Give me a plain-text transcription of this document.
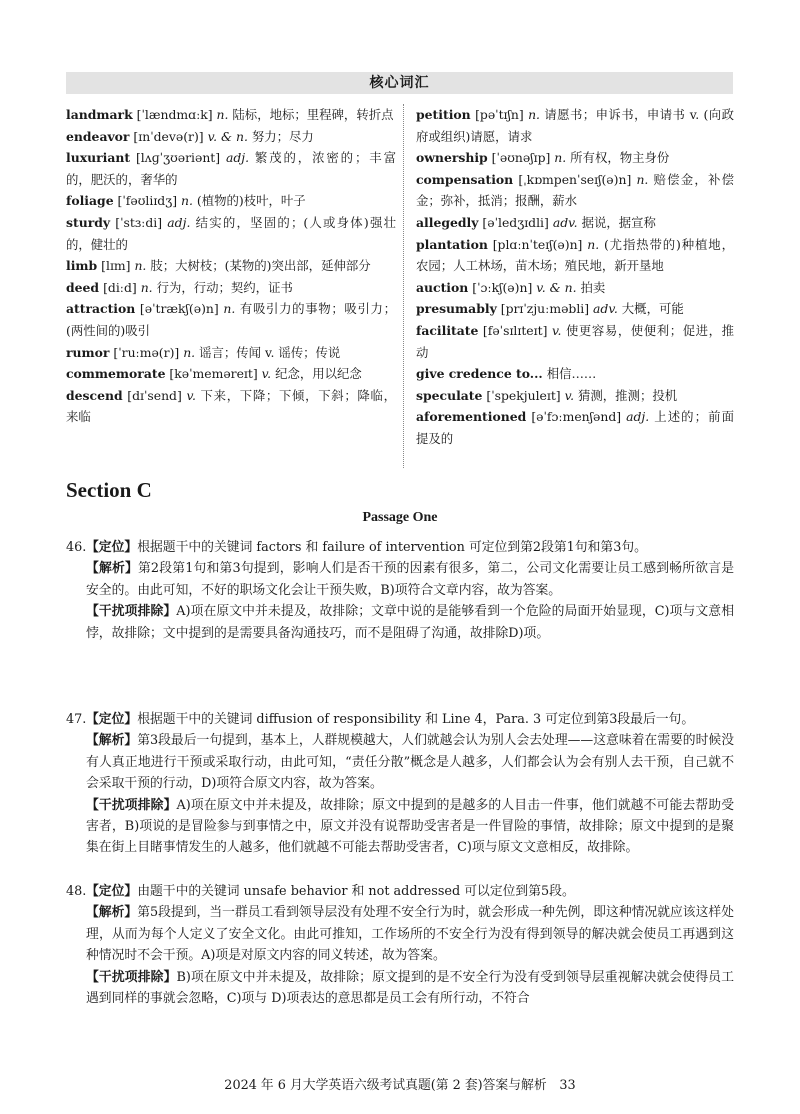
核心词汇

landmark [ˈlændmɑːk] n. 陆标，地标；里程碑，转折点

endeavor [ɪnˈdevə(r)] v. & n. 努力；尽力

luxuriant [lʌɡˈʒʊəriənt] adj. 繁茂的，浓密的；丰富的，肥沃的，奢华的

foliage [ˈfəʊliɪdʒ] n. (植物的)枝叶，叶子

sturdy [ˈstɜːdi] adj. 结实的，坚固的；(人或身体)强壮的，健壮的

limb [lɪm] n. 肢；大树枝；(某物的)突出部，延伸部分

deed [diːd] n. 行为，行动；契约，证书

attraction [əˈtrækʃ(ə)n] n. 有吸引力的事物；吸引力；(两性间的)吸引

rumor [ˈruːmə(r)] n. 谣言；传闻 v. 谣传；传说

commemorate [kəˈmeməreɪt] v. 纪念，用以纪念

descend [dɪˈsend] v. 下来，下降；下倾，下斜；降临，来临

petition [pəˈtɪʃn] n. 请愿书；申诉书，申请书 v. (向政府或组织)请愿，请求

ownership [ˈəʊnəʃɪp] n. 所有权，物主身份

compensation [ˌkɒmpenˈseɪʃ(ə)n] n. 赔偿金，补偿金；弥补，抵消；报酬，薪水

allegedly [əˈledʒɪdli] adv. 据说，据宣称

plantation [plɑːnˈteɪʃ(ə)n] n. (尤指热带的)种植地，农园；人工林场，苗木场；殖民地，新开垦地

auction [ˈɔːkʃ(ə)n] v. & n. 拍卖

presumably [prɪˈzjuːməbli] adv. 大概，可能

facilitate [fəˈsɪlɪteɪt] v. 使更容易，使便利；促进，推动

give credence to... 相信……

speculate [ˈspekjuleɪt] v. 猜测，推测；投机

aforementioned [əˈfɔːmenʃənd] adj. 上述的；前面提及的

Section C
Passage One

46.【定位】根据题干中的关键词 factors 和 failure of intervention 可定位到第2段第1句和第3句。

【解析】第2段第1句和第3句提到，影响人们是否干预的因素有很多，第二，公司文化需要让员工感到畅所欲言是安全的。由此可知，不好的职场文化会让干预失败，B)项符合文章内容，故为答案。

【干扰项排除】A)项在原文中并未提及，故排除；文章中说的是能够看到一个危险的局面开始显现，C)项与文意相悖，故排除；文中提到的是需要具备沟通技巧，而不是阻碍了沟通，故排除D)项。

47.【定位】根据题干中的关键词 diffusion of responsibility 和 Line 4，Para. 3 可定位到第3段最后一句。

【解析】第3段最后一句提到，基本上，人群规模越大，人们就越会认为别人会去处理——这意味着在需要的时候没有人真正地进行干预或采取行动，由此可知，“责任分散”概念是人越多，人们都会认为会有别人去干预，自己就不会采取干预的行动，D)项符合原文内容，故为答案。

【干扰项排除】A)项在原文中并未提及，故排除；原文中提到的是越多的人目击一件事，他们就越不可能去帮助受害者，B)项说的是冒险参与到事情之中，原文并没有说帮助受害者是一件冒险的事情，故排除；原文中提到的是聚集在街上目睹事情发生的人越多，他们就越不可能去帮助受害者，C)项与原文文意相反，故排除。

48.【定位】由题干中的关键词 unsafe behavior 和 not addressed 可以定位到第5段。

【解析】第5段提到，当一群员工看到领导层没有处理不安全行为时，就会形成一种先例，即这种情况就应该这样处理，从而为每个人定义了安全文化。由此可推知，工作场所的不安全行为没有得到领导的解决就会使员工再遇到这种情况时不会干预。A)项是对原文内容的同义转述，故为答案。

【干扰项排除】B)项在原文中并未提及，故排除；原文提到的是不安全行为没有受到领导层重视解决就会使得员工遇到同样的事就会忽略，C)项与 D)项表达的意思都是员工会有所行动，不符合

2024 年 6 月大学英语六级考试真题(第 2 套)答案与解析　33
